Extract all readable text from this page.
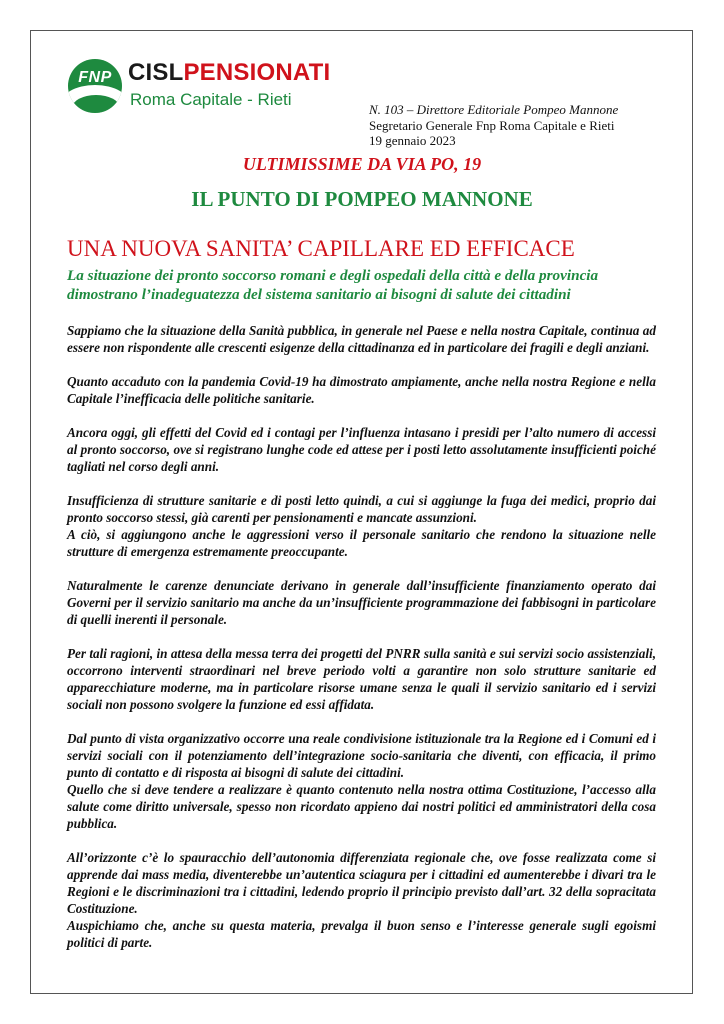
FNP CISLPENSIONATI
Roma Capitale - Rieti
N. 103 – Direttore Editoriale Pompeo Mannone
Segretario Generale Fnp Roma Capitale e Rieti
19 gennaio 2023
ULTIMISSIME DA VIA PO, 19
IL PUNTO DI POMPEO MANNONE
UNA NUOVA SANITA’ CAPILLARE ED EFFICACE
La situazione dei pronto soccorso romani e degli ospedali della città e della provincia dimostrano l’inadeguatezza del sistema sanitario ai bisogni di salute dei cittadini

Sappiamo che la situazione della Sanità pubblica, in generale nel Paese e nella nostra Capitale, continua ad essere non rispondente alle crescenti esigenze della cittadinanza ed in particolare dei fragili e degli anziani.

Quanto accaduto con la pandemia Covid-19 ha dimostrato ampiamente, anche nella nostra Regione e nella Capitale l’inefficacia delle politiche sanitarie.

Ancora oggi, gli effetti del Covid ed i contagi per l’influenza intasano i presidi per l’alto numero di accessi al pronto soccorso, ove si registrano lunghe code ed attese per i posti letto assolutamente insufficienti poiché tagliati nel corso degli anni.

Insufficienza di strutture sanitarie e di posti letto quindi, a cui si aggiunge la fuga dei medici, proprio dai pronto soccorso stessi, già carenti per pensionamenti e mancate assunzioni.

A ciò, si aggiungono anche le aggressioni verso il personale sanitario che rendono la situazione nelle strutture di emergenza estremamente preoccupante.

Naturalmente le carenze denunciate derivano in generale dall’insufficiente finanziamento operato dai Governi per il servizio sanitario ma anche da un’insufficiente programmazione dei fabbisogni in particolare di quelli inerenti il personale.

Per tali ragioni, in attesa della messa terra dei progetti del PNRR sulla sanità e sui servizi socio assistenziali, occorrono interventi straordinari nel breve periodo volti a garantire non solo strutture sanitarie ed apparecchiature moderne, ma in particolare risorse umane senza le quali il servizio sanitario ed i servizi sociali non possono svolgere la funzione ed essi affidata.

Dal punto di vista organizzativo occorre una reale condivisione istituzionale tra la Regione ed i Comuni ed i servizi sociali con il potenziamento dell’integrazione socio-sanitaria che diventi, con efficacia, il primo punto di contatto e di risposta ai bisogni di salute dei cittadini.

Quello che si deve tendere a realizzare è quanto contenuto nella nostra ottima Costituzione, l’accesso alla salute come diritto universale, spesso non ricordato appieno dai nostri politici ed amministratori della cosa pubblica.

All’orizzonte c’è lo spauracchio dell’autonomia differenziata regionale che, ove fosse realizzata come si apprende dai mass media, diventerebbe un’autentica sciagura per i cittadini ed aumenterebbe i divari tra le Regioni e le discriminazioni tra i cittadini, ledendo proprio il principio previsto dall’art. 32 della sopracitata Costituzione.

Auspichiamo che, anche su questa materia, prevalga il buon senso e l’interesse generale sugli egoismi politici di parte.
